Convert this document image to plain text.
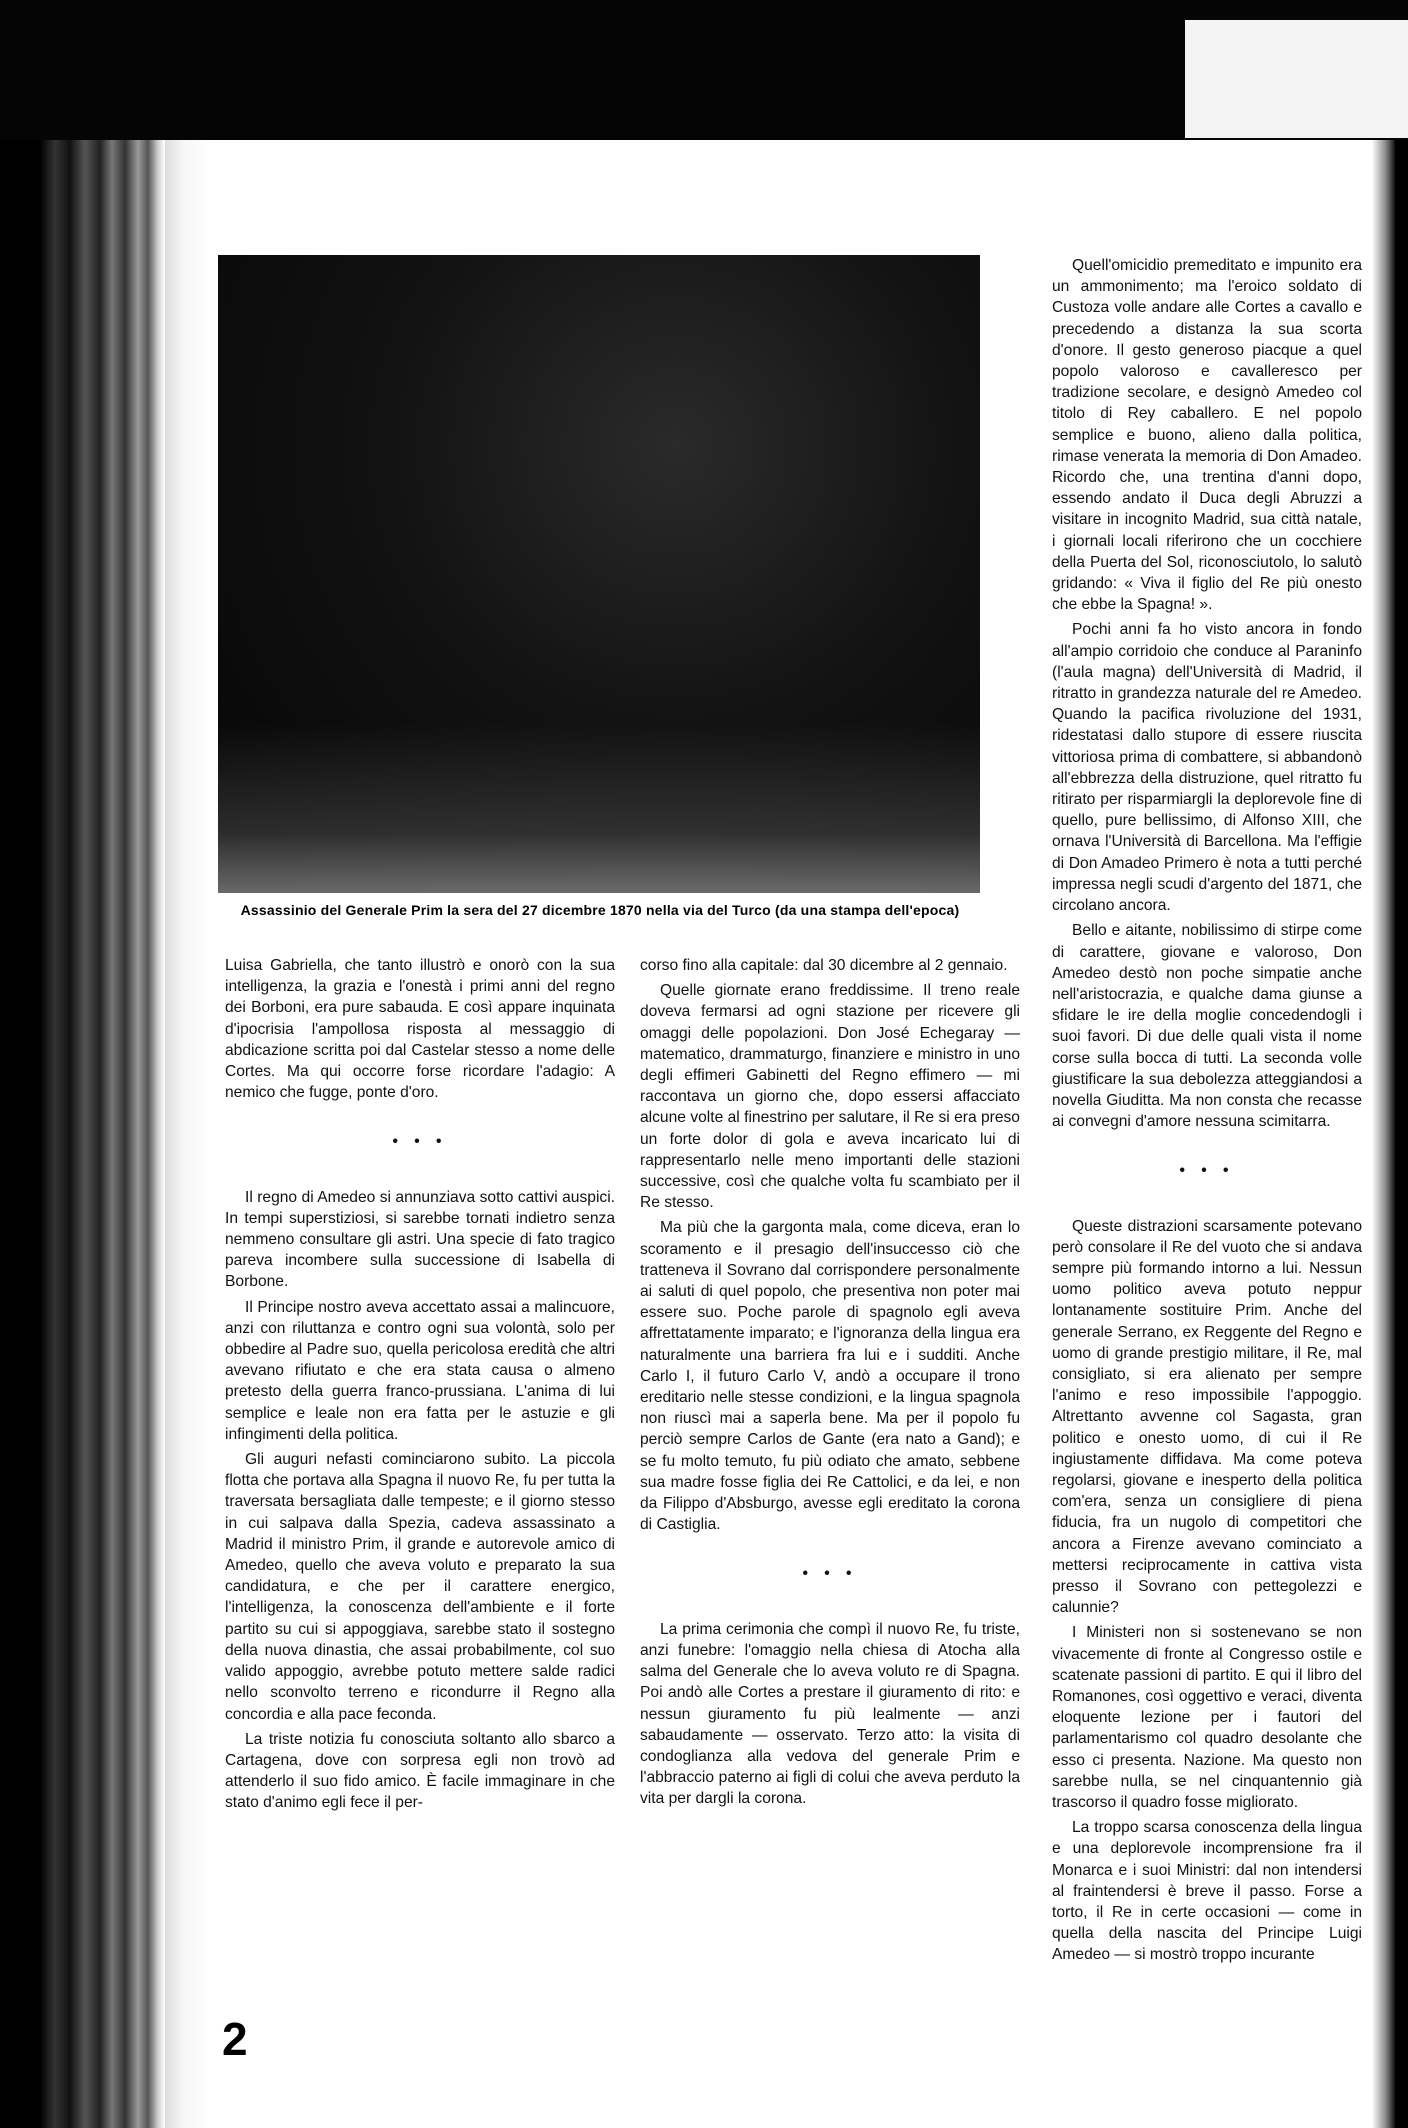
Assassinio del Generale Prim la sera del 27 dicembre 1870 nella via del Turco (da una stampa dell'epoca)

Luisa Gabriella, che tanto illustrò e onorò con la sua intelligenza, la grazia e l'onestà i primi anni del regno dei Borboni, era pure sabauda. E così appare inquinata d'ipocrisia l'ampollosa risposta al messaggio di abdicazione scritta poi dal Castelar stesso a nome delle Cortes. Ma qui occorre forse ricordare l'adagio: A nemico che fugge, ponte d'oro.

• • •

Il regno di Amedeo si annunziava sotto cattivi auspici. In tempi superstiziosi, si sarebbe tornati indietro senza nemmeno consultare gli astri. Una specie di fato tragico pareva incombere sulla successione di Isabella di Borbone.

Il Principe nostro aveva accettato assai a malincuore, anzi con riluttanza e contro ogni sua volontà, solo per obbedire al Padre suo, quella pericolosa eredità che altri avevano rifiutato e che era stata causa o almeno pretesto della guerra franco-prussiana. L'anima di lui semplice e leale non era fatta per le astuzie e gli infingimenti della politica.

Gli auguri nefasti cominciarono subito. La piccola flotta che portava alla Spagna il nuovo Re, fu per tutta la traversata bersagliata dalle tempeste; e il giorno stesso in cui salpava dalla Spezia, cadeva assassinato a Madrid il ministro Prim, il grande e autorevole amico di Amedeo, quello che aveva voluto e preparato la sua candidatura, e che per il carattere energico, l'intelligenza, la conoscenza dell'ambiente e il forte partito su cui si appoggiava, sarebbe stato il sostegno della nuova dinastia, che assai probabilmente, col suo valido appoggio, avrebbe potuto mettere salde radici nello sconvolto terreno e ricondurre il Regno alla concordia e alla pace feconda.

La triste notizia fu conosciuta soltanto allo sbarco a Cartagena, dove con sorpresa egli non trovò ad attenderlo il suo fido amico. È facile immaginare in che stato d'animo egli fece il per-

corso fino alla capitale: dal 30 dicembre al 2 gennaio.

Quelle giornate erano freddissime. Il treno reale doveva fermarsi ad ogni stazione per ricevere gli omaggi delle popolazioni. Don José Echegaray — matematico, drammaturgo, finanziere e ministro in uno degli effimeri Gabinetti del Regno effimero — mi raccontava un giorno che, dopo essersi affacciato alcune volte al finestrino per salutare, il Re si era preso un forte dolor di gola e aveva incaricato lui di rappresentarlo nelle meno importanti delle stazioni successive, così che qualche volta fu scambiato per il Re stesso.

Ma più che la gargonta mala, come diceva, eran lo scoramento e il presagio dell'insuccesso ciò che tratteneva il Sovrano dal corrispondere personalmente ai saluti di quel popolo, che presentiva non poter mai essere suo. Poche parole di spagnolo egli aveva affrettatamente imparato; e l'ignoranza della lingua era naturalmente una barriera fra lui e i sudditi. Anche Carlo I, il futuro Carlo V, andò a occupare il trono ereditario nelle stesse condizioni, e la lingua spagnola non riuscì mai a saperla bene. Ma per il popolo fu perciò sempre Carlos de Gante (era nato a Gand); e se fu molto temuto, fu più odiato che amato, sebbene sua madre fosse figlia dei Re Cattolici, e da lei, e non da Filippo d'Absburgo, avesse egli ereditato la corona di Castiglia.

• • •

La prima cerimonia che compì il nuovo Re, fu triste, anzi funebre: l'omaggio nella chiesa di Atocha alla salma del Generale che lo aveva voluto re di Spagna. Poi andò alle Cortes a prestare il giuramento di rito: e nessun giuramento fu più lealmente — anzi sabaudamente — osservato. Terzo atto: la visita di condoglianza alla vedova del generale Prim e l'abbraccio paterno ai figli di colui che aveva perduto la vita per dargli la corona.

Quell'omicidio premeditato e impunito era un ammonimento; ma l'eroico soldato di Custoza volle andare alle Cortes a cavallo e precedendo a distanza la sua scorta d'onore. Il gesto generoso piacque a quel popolo valoroso e cavalleresco per tradizione secolare, e designò Amedeo col titolo di Rey caballero. E nel popolo semplice e buono, alieno dalla politica, rimase venerata la memoria di Don Amadeo. Ricordo che, una trentina d'anni dopo, essendo andato il Duca degli Abruzzi a visitare in incognito Madrid, sua città natale, i giornali locali riferirono che un cocchiere della Puerta del Sol, riconosciutolo, lo salutò gridando: « Viva il figlio del Re più onesto che ebbe la Spagna! ».

Pochi anni fa ho visto ancora in fondo all'ampio corridoio che conduce al Paraninfo (l'aula magna) dell'Università di Madrid, il ritratto in grandezza naturale del re Amedeo. Quando la pacifica rivoluzione del 1931, ridestatasi dallo stupore di essere riuscita vittoriosa prima di combattere, si abbandonò all'ebbrezza della distruzione, quel ritratto fu ritirato per risparmiargli la deplorevole fine di quello, pure bellissimo, di Alfonso XIII, che ornava l'Università di Barcellona. Ma l'effigie di Don Amadeo Primero è nota a tutti perché impressa negli scudi d'argento del 1871, che circolano ancora.

Bello e aitante, nobilissimo di stirpe come di carattere, giovane e valoroso, Don Amedeo destò non poche simpatie anche nell'aristocrazia, e qualche dama giunse a sfidare le ire della moglie concedendogli i suoi favori. Di due delle quali vista il nome corse sulla bocca di tutti. La seconda volle giustificare la sua debolezza atteggiandosi a novella Giuditta. Ma non consta che recasse ai convegni d'amore nessuna scimitarra.

• • •

Queste distrazioni scarsamente potevano però consolare il Re del vuoto che si andava sempre più formando intorno a lui. Nessun uomo politico aveva potuto neppur lontanamente sostituire Prim. Anche del generale Serrano, ex Reggente del Regno e uomo di grande prestigio militare, il Re, mal consigliato, si era alienato per sempre l'animo e reso impossibile l'appoggio. Altrettanto avvenne col Sagasta, gran politico e onesto uomo, di cui il Re ingiustamente diffidava. Ma come poteva regolarsi, giovane e inesperto della politica com'era, senza un consigliere di piena fiducia, fra un nugolo di competitori che ancora a Firenze avevano cominciato a mettersi reciprocamente in cattiva vista presso il Sovrano con pettegolezzi e calunnie?

I Ministeri non si sostenevano se non vivacemente di fronte al Congresso ostile e scatenate passioni di partito. E qui il libro del Romanones, così oggettivo e veraci, diventa eloquente lezione per i fautori del parlamentarismo col quadro desolante che esso ci presenta. Nazione. Ma questo non sarebbe nulla, se nel cinquantennio già trascorso il quadro fosse migliorato.

La troppo scarsa conoscenza della lingua e una deplorevole incomprensione fra il Monarca e i suoi Ministri: dal non intendersi al fraintendersi è breve il passo. Forse a torto, il Re in certe occasioni — come in quella della nascita del Principe Luigi Amedeo — si mostrò troppo incurante

2
